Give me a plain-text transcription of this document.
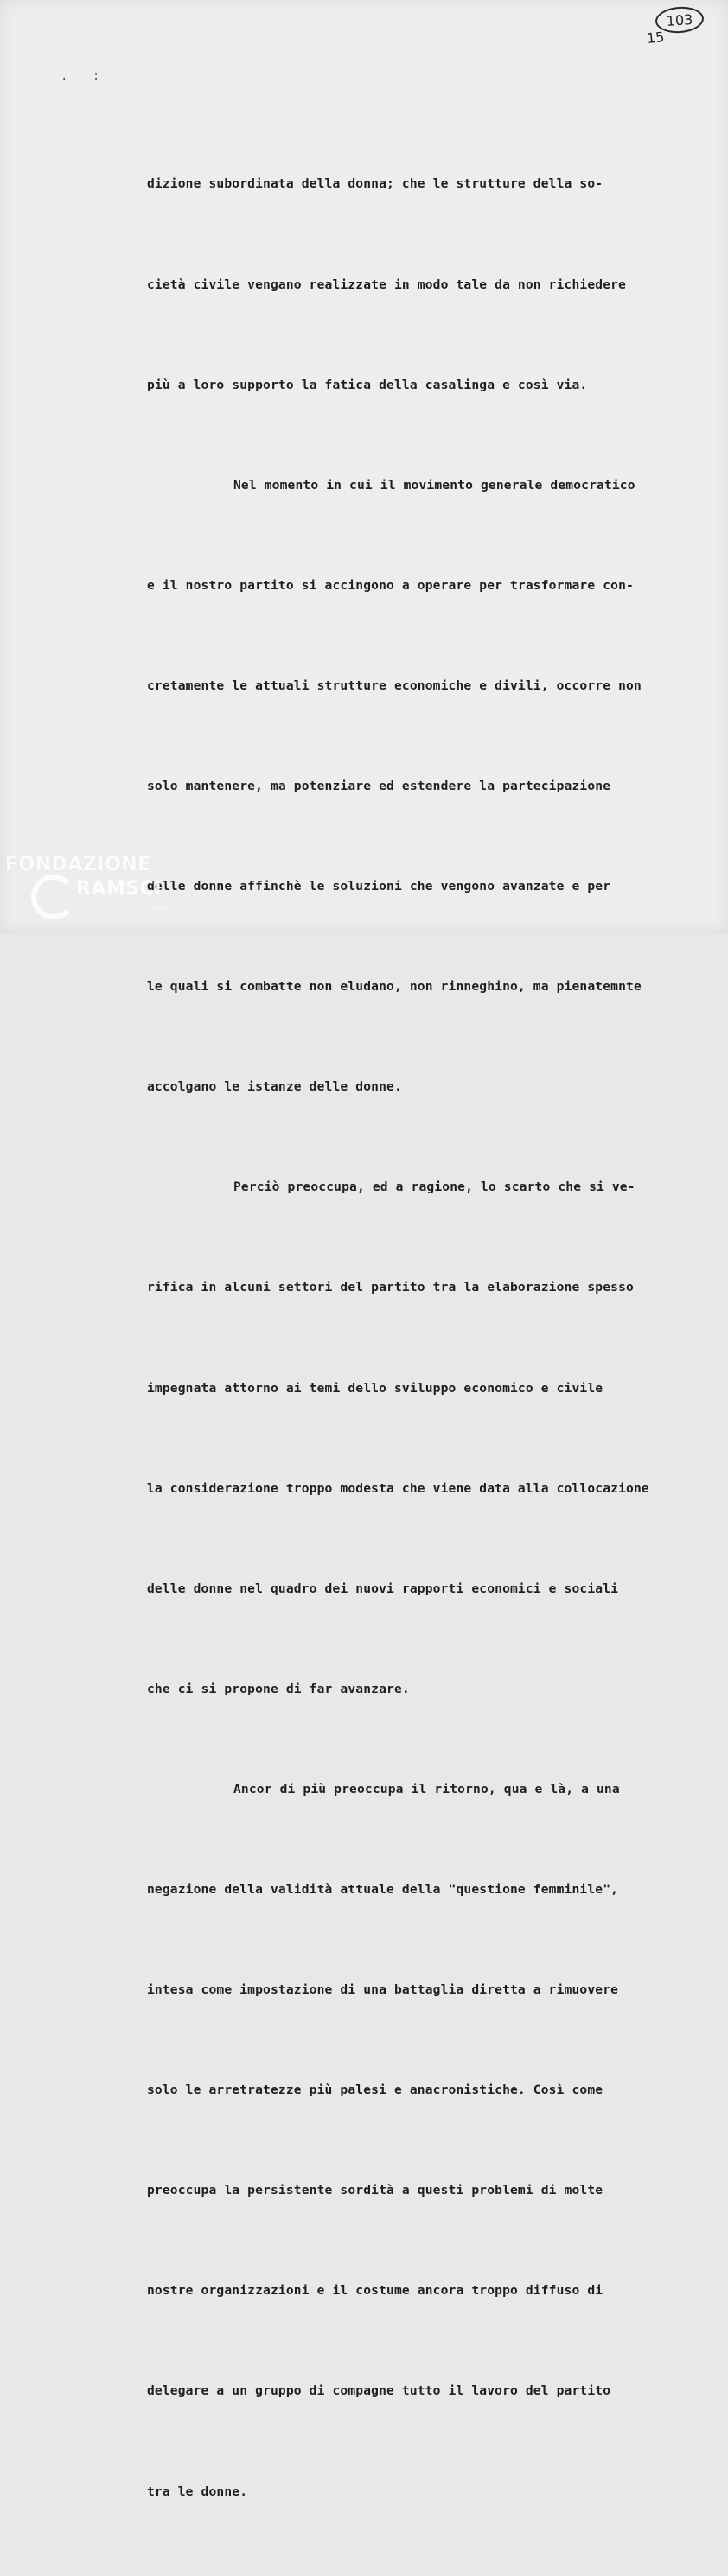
103
15
. :

dizione subordinata della donna; che le strutture della so-

cietà civile vengano realizzate in modo tale da non richiedere

più a loro supporto la fatica della casalinga e così via.

Nel momento in cui il movimento generale democratico

e il nostro partito si accingono a operare per trasformare con-

cretamente le attuali strutture economiche e divili, occorre non

solo mantenere, ma potenziare ed estendere la partecipazione

delle donne affinchè le soluzioni che vengono avanzate e per

le quali si combatte non eludano, non rinneghino, ma pienatemnte

accolgano le istanze delle donne.

Perciò preoccupa, ed a ragione, lo scarto che si ve-

rifica in alcuni settori del partito tra la elaborazione spesso

impegnata attorno ai temi dello sviluppo economico e civile

la considerazione troppo modesta che viene data alla collocazione

delle donne nel quadro dei nuovi rapporti economici e sociali

che ci si propone di far avanzare.

Ancor di più preoccupa il ritorno, qua e là, a una

negazione della validità attuale della "questione femminile",

intesa come impostazione di una battaglia diretta a rimuovere

solo le arretratezze più palesi e anacronistiche. Così come

preoccupa la persistente sordità a questi problemi di molte

nostre organizzazioni e il costume ancora troppo diffuso di

delegare a un gruppo di compagne tutto il lavoro del partito

tra le donne.

FONDAZIONE
RAMSCI
onlus
